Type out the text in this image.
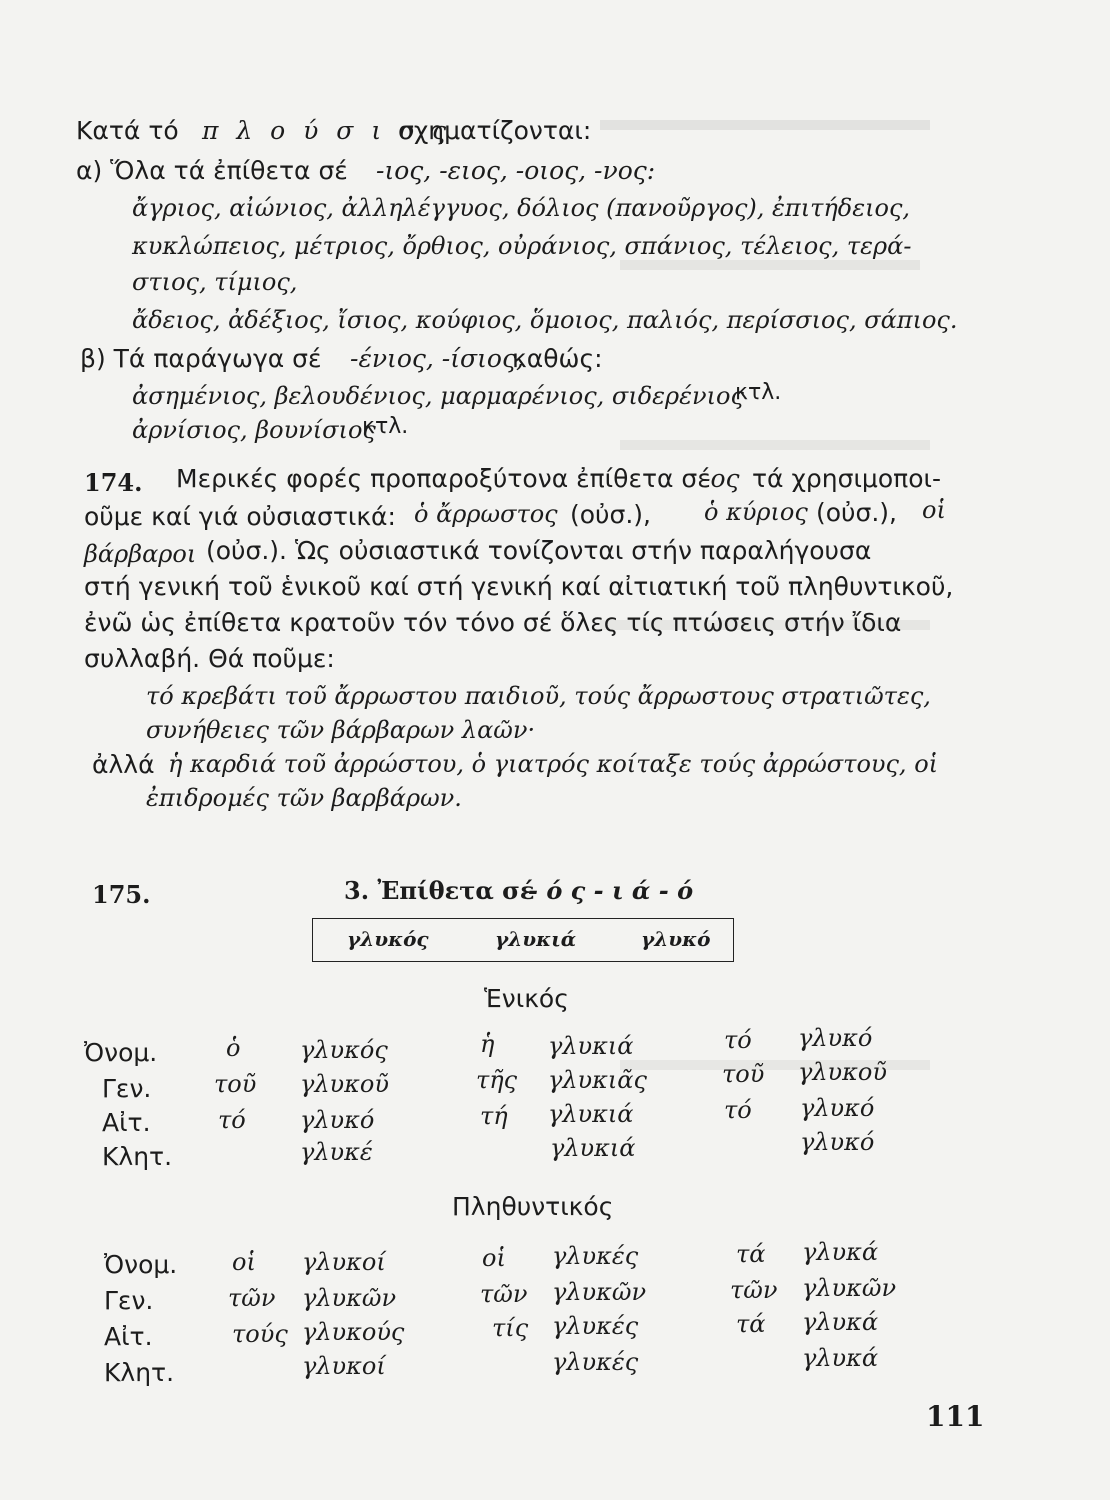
Κατά τό π λ ο ύ σ ι ο ς
σχηματίζονται:
α) Ὅλα τά ἐπίθετα σέ -ιος, -ειος, -οιος, -νος:
ἄγριος, αἰώνιος, ἀλληλέγγυος, δόλιος (πανοῦργος), ἐπιτήδειος,
κυκλώπειος, μέτριος, ὄρθιος, οὐράνιος, σπάνιος, τέλειος, τερά-
στιος, τίμιος,
ἄδειος, ἀδέξιος, ἴσιος, κούφιος, ὅμοιος, παλιός, περίσσιος, σάπιος.
β) Τά παράγωγα σέ -ένιος, -ίσιος,
καθώς:
ἀσημένιος, βελουδένιος, μαρμαρένιος, σιδερένιος
κτλ.
ἀρνίσιος, βουνίσιος
κτλ.
174. Μερικές φορές προπαροξύτονα ἐπίθετα σέ
-ος τά χρησιμοποι-
οῦμε καί γιά οὐσιαστικά: ὁ ἄρρωστος (οὐσ.), ὁ κύριος (οὐσ.), οἱ
βάρβαροι (οὐσ.). Ὡς οὐσιαστικά τονίζονται στήν παραλήγουσα
στή γενική τοῦ ἑνικοῦ καί στή γενική καί αἰτιατική τοῦ πληθυντικοῦ,
ἐνῶ ὡς ἐπίθετα κρατοῦν τόν τόνο σέ ὅλες τίς πτώσεις στήν ἴδια
συλλαβή. Θά ποῦμε:
τό κρεβάτι τοῦ ἄρρωστου παιδιοῦ, τούς ἄρρωστους στρατιῶτες,
συνήθειες τῶν βάρβαρων λαῶν·
ἀλλά ἡ καρδιά τοῦ ἀρρώστου, ὁ γιατρός κοίταξε τούς ἀρρώστους, οἱ
ἐπιδρομές τῶν βαρβάρων.
175.	3. Ἐπίθετα σέ
- ό ς - ι ά - ό
γλυκός	γλυκιά	γλυκό
Ἑνικός
Ὀνομ.	ὁ γλυκός	ἡ γλυκιά	τό γλυκό
Γεν.	τοῦ γλυκοῦ	τῆς γλυκιᾶς	τοῦ γλυκοῦ
Αἰτ.	τό γλυκό	τή γλυκιά	τό γλυκό
Κλητ.	γλυκέ	γλυκιά	γλυκό
Πληθυντικός
Ὀνομ. οἱ γλυκοί	οἱ γλυκές	τά γλυκά
Γεν.	τῶν γλυκῶν	τῶν γλυκῶν	τῶν γλυκῶν
Αἰτ.	τούς γλυκούς	τίς γλυκές	τά γλυκά
Κλητ.	γλυκοί	γλυκές	γλυκά
111
